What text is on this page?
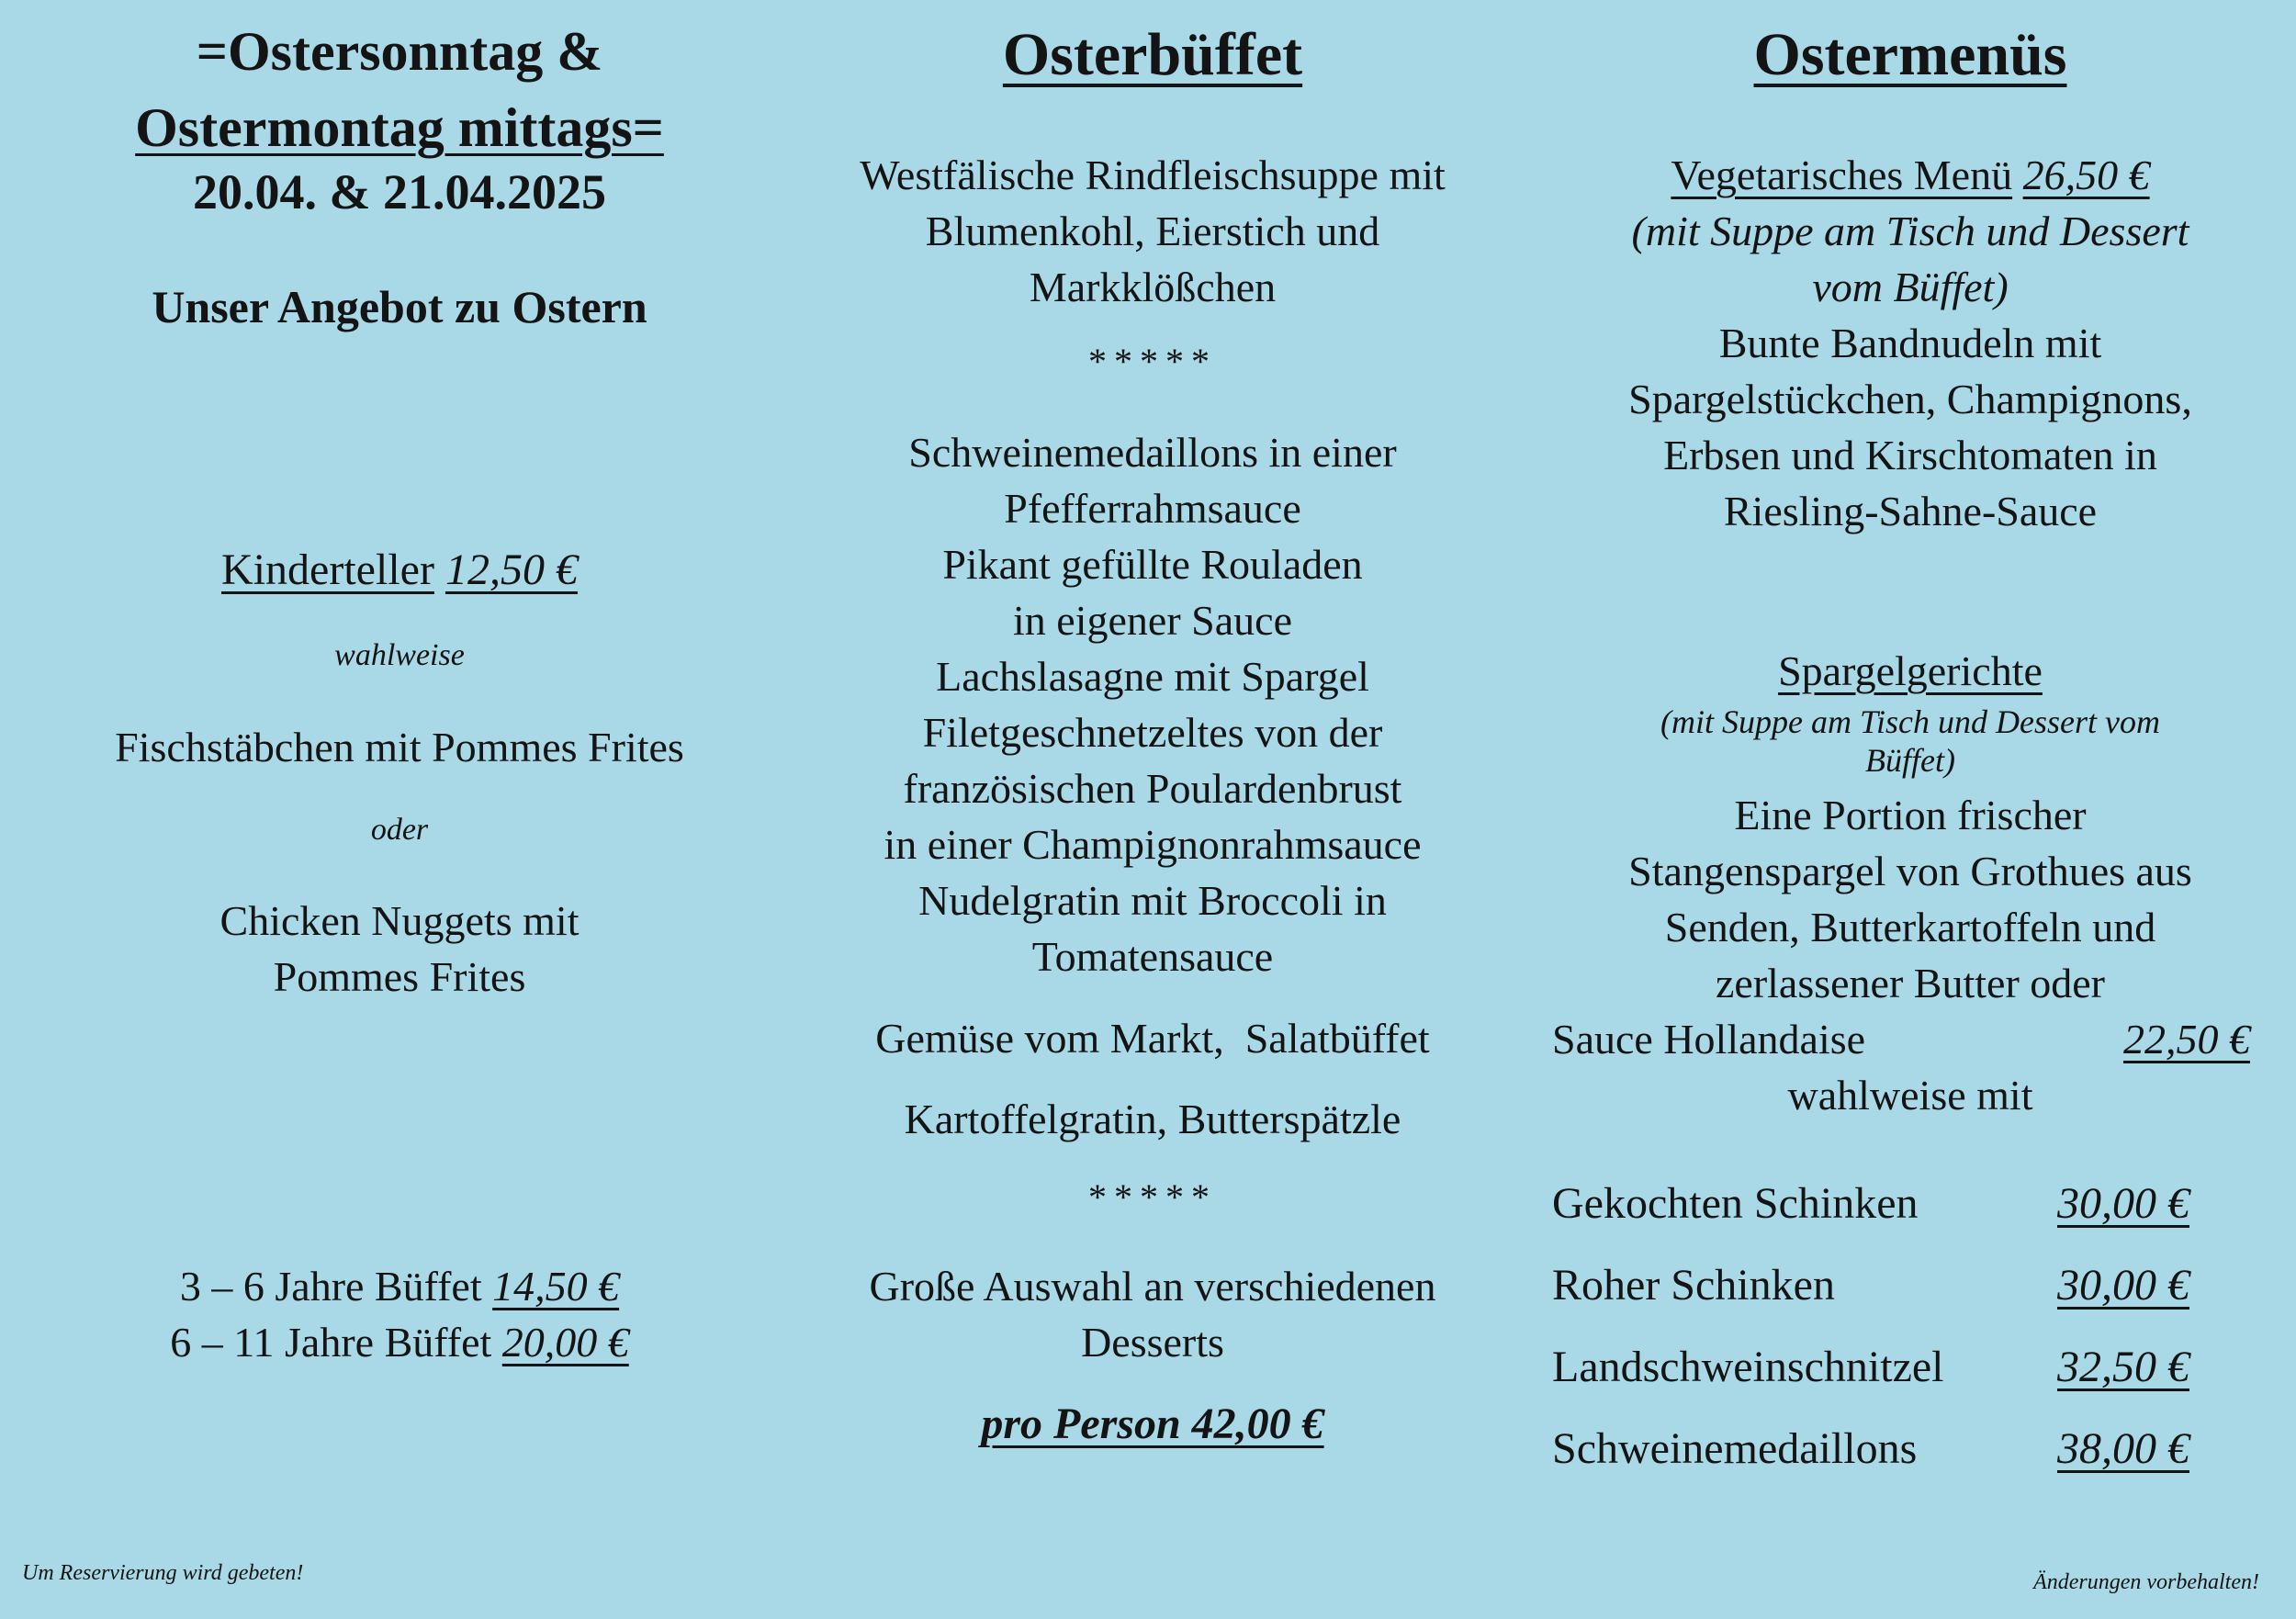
=Ostersonntag &
Ostermontag mittags=
20.04. & 21.04.2025
Unser Angebot zu Ostern
Kinderteller 12,50 €
wahlweise
Fischstäbchen mit Pommes Frites
oder
Chicken Nuggets mit
Pommes Frites
3 – 6 Jahre Büffet 14,50 €
6 – 11 Jahre Büffet 20,00 €
Osterbüffet
Westfälische Rindfleischsuppe mit
Blumenkohl, Eierstich und
Markklößchen
*****
Schweinemedaillons in einer
Pfefferrahmsauce
Pikant gefüllte Rouladen
in eigener Sauce
Lachslasagne mit Spargel
Filetgeschnetzeltes von der
französischen Poulardenbrust
in einer Champignonrahmsauce
Nudelgratin mit Broccoli in
Tomatensauce
Gemüse vom Markt,  Salatbüffet
Kartoffelgratin, Butterspätzle
*****
Große Auswahl an verschiedenen
Desserts
pro Person 42,00 €
Ostermenüs
Vegetarisches Menü 26,50 €
(mit Suppe am Tisch und Dessert
vom Büffet)
Bunte Bandnudeln mit
Spargelstückchen, Champignons,
Erbsen und Kirschtomaten in
Riesling-Sahne-Sauce
Spargelgerichte
(mit Suppe am Tisch und Dessert vom
Büffet)
Eine Portion frischer
Stangenspargel von Grothues aus
Senden, Butterkartoffeln und
zerlassener Butter oder
Sauce Hollandaise	22,50 €
wahlweise mit
Gekochten Schinken	30,00 €
Roher Schinken	30,00 €
Landschweinschnitzel	32,50 €
Schweinemedaillons	38,00 €
Um Reservierung wird gebeten!	Änderungen vorbehalten!
